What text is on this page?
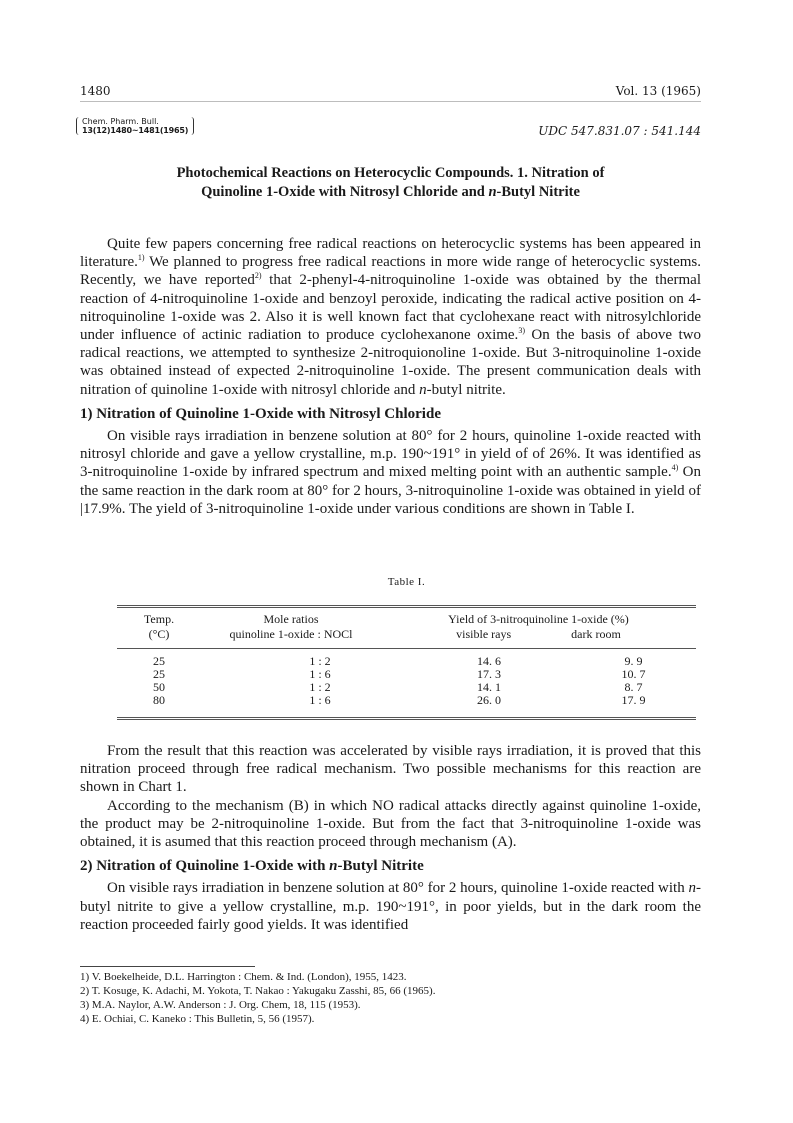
1480	Vol. 13 (1965)
Chem. Pharm. Bull.
13(12)1480~1481(1965)	UDC 547.831.07 : 541.144
Photochemical Reactions on Heterocyclic Compounds. 1. Nitration of
Quinoline 1-Oxide with Nitrosyl Chloride and n-Butyl Nitrite

Quite few papers concerning free radical reactions on heterocyclic systems has been appeared in literature.$^{1)}$ We planned to progress free radical reactions in more wide range of heterocyclic systems. Recently, we have reported$^{2)}$ that 2-phenyl-4-nitroquinoline 1-oxide was obtained by the thermal reaction of 4-nitroquinoline 1-oxide and benzoyl peroxide, indicating the radical active position on 4-nitroquinoline 1-oxide was 2. Also it is well known fact that cyclohexane react with nitrosylchloride under influence of actinic radiation to produce cyclohexanone oxime.$^{3)}$ On the basis of above two radical reactions, we attempted to synthesize 2-nitroquionoline 1-oxide. But 3-nitroquinoline 1-oxide was obtained instead of expected 2-nitroquinoline 1-oxide. The present communication deals with nitration of quinoline 1-oxide with nitrosyl chloride and n-butyl nitrite.

1) Nitration of Quinoline 1-Oxide with Nitrosyl Chloride

On visible rays irradiation in benzene solution at 80° for 2 hours, quinoline 1-oxide reacted with nitrosyl chloride and gave a yellow crystalline, m.p. 190~191° in yield of of 26%. It was identified as 3-nitroquinoline 1-oxide by infrared spectrum and mixed melting point with an authentic sample.$^{4)}$ On the same reaction in the dark room at 80° for 2 hours, 3-nitroquinoline 1-oxide was obtained in yield of |17.9%. The yield of 3-nitroquinoline 1-oxide under various conditions are shown in Table I.

Table I.
Temp.
(°C)
Mole ratios
quinoline 1-oxide : NOCl
Yield of 3-nitroquinoline 1-oxide (%)
visible rays	dark room
25	1 : 2	14. 6	9. 9
25	1 : 6	17. 3	10. 7
50	1 : 2	14. 1	8. 7
80	1 : 6	26. 0	17. 9

From the result that this reaction was accelerated by visible rays irradiation, it is proved that this nitration proceed through free radical mechanism. Two possible mechanisms for this reaction are shown in Chart 1.

According to the mechanism (B) in which NO radical attacks directly against quinoline 1-oxide, the product may be 2-nitroquinoline 1-oxide. But from the fact that 3-nitroquinoline 1-oxide was obtained, it is asumed that this reaction proceed through mechanism (A).

2) Nitration of Quinoline 1-Oxide with n-Butyl Nitrite

On visible rays irradiation in benzene solution at 80° for 2 hours, quinoline 1-oxide reacted with n-butyl nitrite to give a yellow crystalline, m.p. 190~191°, in poor yields, but in the dark room the reaction proceeded fairly good yields. It was identified

1) V. Boekelheide, D.L. Harrington : Chem. & Ind. (London), 1955, 1423.
2) T. Kosuge, K. Adachi, M. Yokota, T. Nakao : Yakugaku Zasshi, 85, 66 (1965).
3) M.A. Naylor, A.W. Anderson : J. Org. Chem, 18, 115 (1953).
4) E. Ochiai, C. Kaneko : This Bulletin, 5, 56 (1957).
